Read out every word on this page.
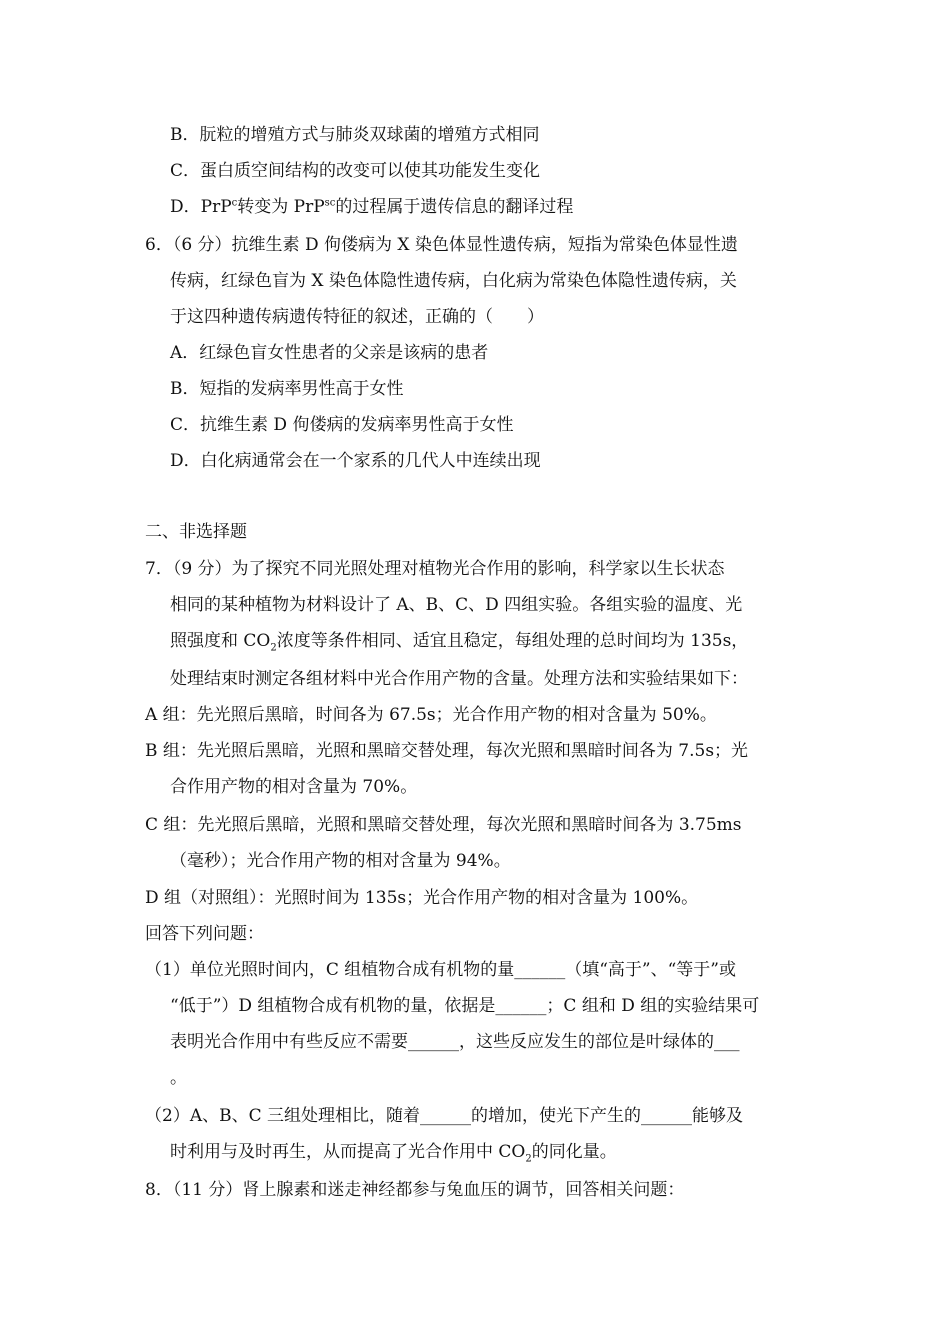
B．朊粒的增殖方式与肺炎双球菌的增殖方式相同
C．蛋白质空间结构的改变可以使其功能发生变化
D．PrP$^c$转变为 PrP$^{sc}$的过程属于遗传信息的翻译过程
6．（6 分）抗维生素 D 佝偻病为 X 染色体显性遗传病，短指为常染色体显性遗
传病，红绿色盲为 X 染色体隐性遗传病，白化病为常染色体隐性遗传病，关
于这四种遗传病遗传特征的叙述，正确的（　　）
A．红绿色盲女性患者的父亲是该病的患者
B．短指的发病率男性高于女性
C．抗维生素 D 佝偻病的发病率男性高于女性
D．白化病通常会在一个家系的几代人中连续出现
二、非选择题
7．（9 分）为了探究不同光照处理对植物光合作用的影响，科学家以生长状态
相同的某种植物为材料设计了 A、B、C、D 四组实验。各组实验的温度、光
照强度和 $CO_2$浓度等条件相同、适宜且稳定，每组处理的总时间均为 135s，
处理结束时测定各组材料中光合作用产物的含量。处理方法和实验结果如下：
A 组：先光照后黑暗，时间各为 67.5s；光合作用产物的相对含量为 50%。
B 组：先光照后黑暗，光照和黑暗交替处理，每次光照和黑暗时间各为 7.5s；光
合作用产物的相对含量为 70%。
C 组：先光照后黑暗，光照和黑暗交替处理，每次光照和黑暗时间各为 3.75ms
（毫秒）；光合作用产物的相对含量为 94%。
D 组（对照组）：光照时间为 135s；光合作用产物的相对含量为 100%。
回答下列问题：
（1）单位光照时间内，C 组植物合成有机物的量______（填“高于”、“等于”或
“低于”）D 组植物合成有机物的量，依据是______；C 组和 D 组的实验结果可
表明光合作用中有些反应不需要______，这些反应发生的部位是叶绿体的___
。
（2）A、B、C 三组处理相比，随着______的增加，使光下产生的______能够及
时利用与及时再生，从而提高了光合作用中 $CO_2$的同化量。
8．（11 分）肾上腺素和迷走神经都参与兔血压的调节，回答相关问题：
